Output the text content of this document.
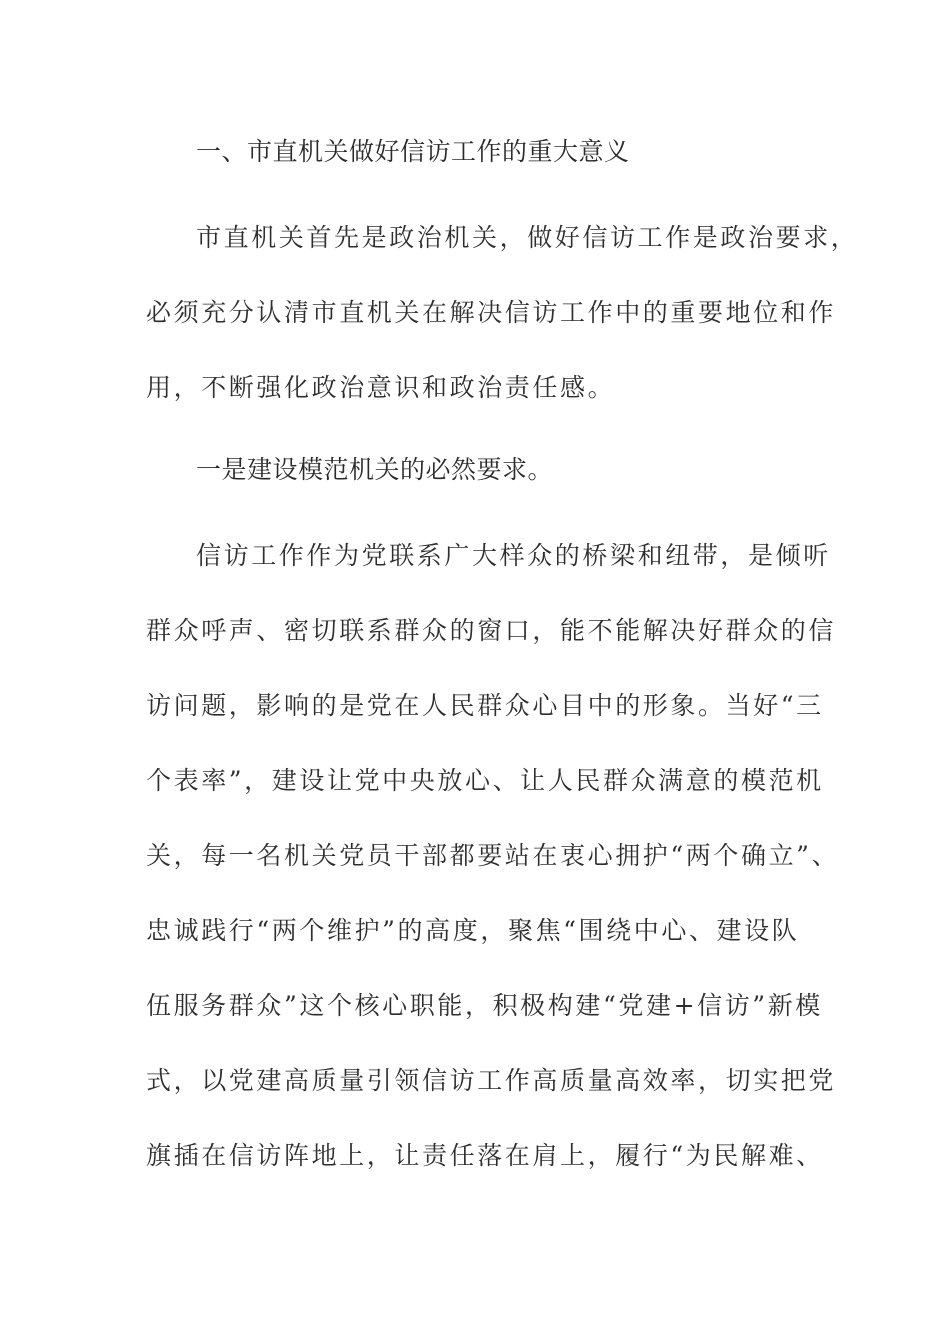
一、市直机关做好信访工作的重大意义
市直机关首先是政治机关，做好信访工作是政治要求，
必须充分认清市直机关在解决信访工作中的重要地位和作
用，不断强化政治意识和政治责任感。
一是建设模范机关的必然要求。
信访工作作为党联系广大样众的桥梁和纽带，是倾听
群众呼声、密切联系群众的窗口，能不能解决好群众的信
访问题，影响的是党在人民群众心目中的形象。当好“三
个表率”，建设让党中央放心、让人民群众满意的模范机
关，每一名机关党员干部都要站在衷心拥护“两个确立”、
忠诚践行“两个维护”的高度，聚焦“围绕中心、建设队
伍服务群众”这个核心职能，积极构建“党建+信访”新模
式，以党建高质量引领信访工作高质量高效率，切实把党
旗插在信访阵地上，让责任落在肩上，履行“为民解难、
